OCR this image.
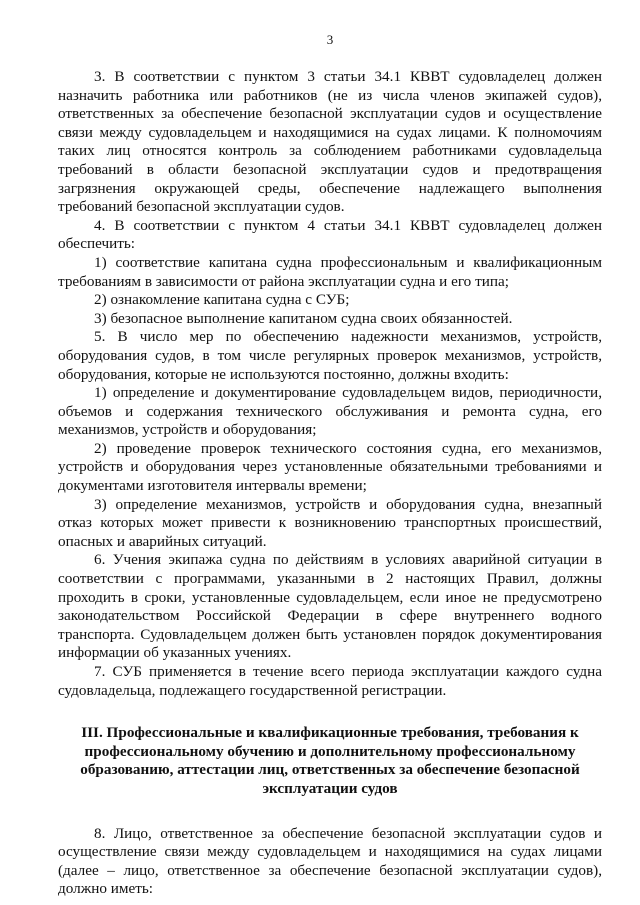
3

3. В соответствии с пунктом 3 статьи 34.1 КВВТ судовладелец должен назначить работника или работников (не из числа членов экипажей судов), ответственных за обеспечение безопасной эксплуатации судов и осуществление связи между судовладельцем и находящимися на судах лицами. К полномочиям таких лиц относятся контроль за соблюдением работниками судовладельца требований в области безопасной эксплуатации судов и предотвращения загрязнения окружающей среды, обеспечение надлежащего выполнения требований безопасной эксплуатации судов.

4. В соответствии с пунктом 4 статьи 34.1 КВВТ судовладелец должен обеспечить:

1) соответствие капитана судна профессиональным и квалификационным требованиям в зависимости от района эксплуатации судна и его типа;

2) ознакомление капитана судна с СУБ;

3) безопасное выполнение капитаном судна своих обязанностей.

5. В число мер по обеспечению надежности механизмов, устройств, оборудования судов, в том числе регулярных проверок механизмов, устройств, оборудования, которые не используются постоянно, должны входить:

1) определение и документирование судовладельцем видов, периодичности, объемов и содержания технического обслуживания и ремонта судна, его механизмов, устройств и оборудования;

2) проведение проверок технического состояния судна, его механизмов, устройств и оборудования через установленные обязательными требованиями и документами изготовителя интервалы времени;

3) определение механизмов, устройств и оборудования судна, внезапный отказ которых может привести к возникновению транспортных происшествий, опасных и аварийных ситуаций.

6. Учения экипажа судна по действиям в условиях аварийной ситуации в соответствии с программами, указанными в 2 настоящих Правил, должны проходить в сроки, установленные судовладельцем, если иное не предусмотрено законодательством Российской Федерации в сфере внутреннего водного транспорта. Судовладельцем должен быть установлен порядок документирования информации об указанных учениях.

7. СУБ применяется в течение всего периода эксплуатации каждого судна судовладельца, подлежащего государственной регистрации.

III. Профессиональные и квалификационные требования, требования к профессиональному обучению и дополнительному профессиональному образованию, аттестации лиц, ответственных за обеспечение безопасной эксплуатации судов

8. Лицо, ответственное за обеспечение безопасной эксплуатации судов и осуществление связи между судовладельцем и находящимися на судах лицами (далее – лицо, ответственное за обеспечение безопасной эксплуатации судов), должно иметь:
